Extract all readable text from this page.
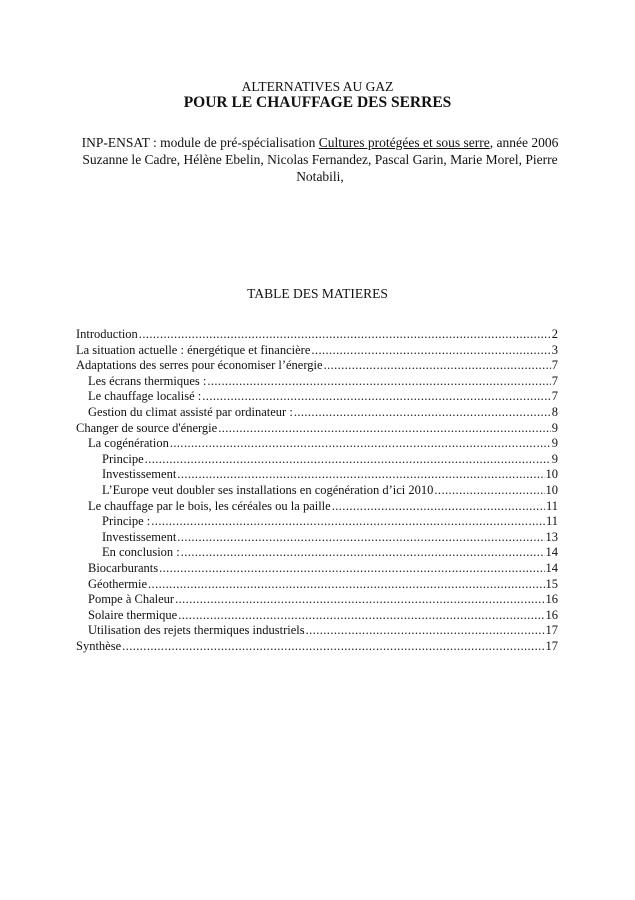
ALTERNATIVES AU GAZ
POUR LE CHAUFFAGE DES SERRES
INP-ENSAT : module de pré-spécialisation Cultures protégées et sous serre, année 2006
Suzanne le Cadre, Hélène Ebelin, Nicolas Fernandez, Pascal Garin, Marie Morel, Pierre Notabili,
TABLE DES MATIERES
Introduction .....	2
La situation actuelle : énergétique et financière .....	3
Adaptations des serres pour économiser l’énergie .....	7
Les écrans thermiques : .....	7
Le chauffage localisé : .....	7
Gestion du climat assisté par ordinateur : .....	8
Changer de source d'énergie .....	9
La cogénération .....	9
Principe .....	9
Investissement .....	10
L’Europe veut doubler ses installations en cogénération d’ici 2010 .....	10
Le chauffage par le bois, les céréales ou la paille .....	11
Principe : .....	11
Investissement .....	13
En conclusion : .....	14
Biocarburants .....	14
Géothermie .....	15
Pompe à Chaleur .....	16
Solaire thermique .....	16
Utilisation des rejets thermiques industriels .....	17
Synthèse .....	17
